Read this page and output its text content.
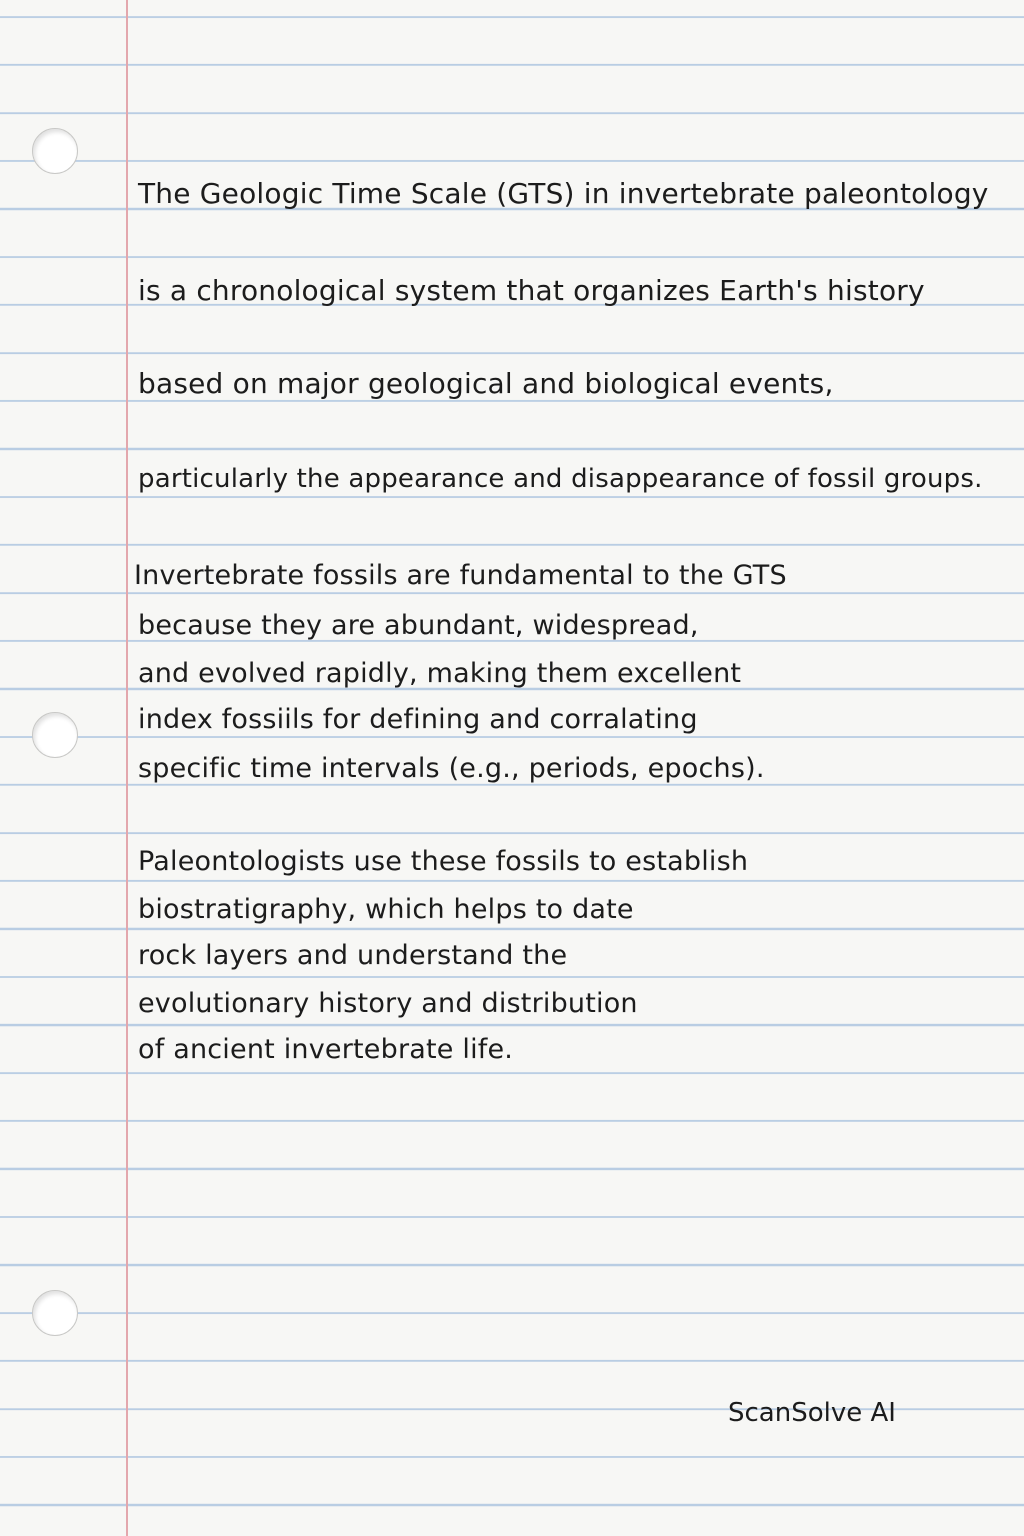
The Geologic Time Scale (GTS) in invertebrate paleontology
is a chronological system that organizes Earth's history
based on major geological and biological events,
particularly the appearance and disappearance of fossil groups.
Invertebrate fossils are fundamental to the GTS
because they are abundant, widespread,
and evolved rapidly, making them excellent
index fossiils for defining and corralating
specific time intervals (e.g., periods, epochs).
Paleontologists use these fossils to establish
biostratigraphy, which helps to date
rock layers and understand the
evolutionary history and distribution
of ancient invertebrate life.
ScanSolve AI
